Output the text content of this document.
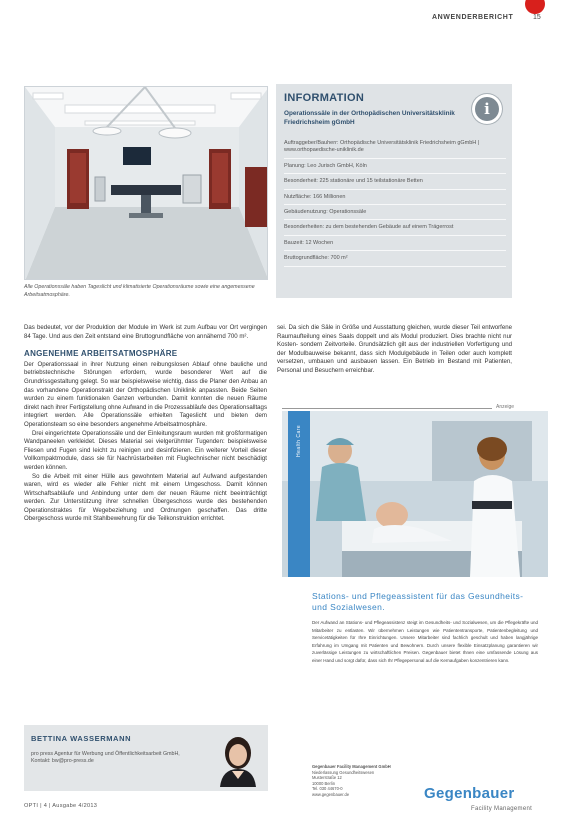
ANWENDERBERICHT	15

Alle Operationssäle haben Tageslicht und klimatisierte Operationsräume sowie eine angemessene Arbeitsatmosphäre.

INFORMATION
Operationssäle in der Orthopädischen Universitätsklinik Friedrichsheim gGmbH
i
Auftraggeber/Bauherr: Orthopädische Universitätsklinik Friedrichsheim gGmbH | www.orthopaedische-uniklinik.de
Planung: Leo Jurisch GmbH, Köln
Besonderheit: 225 stationäre und 15 teilstationäre Betten
Nutzfläche: 166 Millionen
Gebäudenutzung: Operationssäle
Besonderheiten: zu dem bestehenden Gebäude auf einem Trägerrost
Bauzeit: 12 Wochen
Bruttogrundfläche: 700 m²

Das bedeutet, vor der Produktion der Module im Werk ist zum Aufbau vor Ort vergingen 84 Tage. Und aus den Zeit entstand eine Bruttogrundfläche von annähernd 700 m².

ANGENEHME ARBEITSATMOSPHÄRE

Der Operationssaal in ihrer Nutzung einen reibungslosen Ablauf ohne bauliche und betriebstechnische Störungen erfordern, wurde besonderer Wert auf die Grundrissgestaltung gelegt. So war beispielsweise wichtig, dass die Planer den Anbau an das vorhandene Operationstrakt der Orthopädischen Uniklinik anpassten. Beide Seiten wurden zu einem funktionalen Ganzen verbunden. Damit konnten die neuen Räume direkt nach ihrer Fertigstellung ohne Aufwand in die Prozessabläufe des Operationsalltags integriert werden. Alle Operationssäle erhielten Tageslicht und bieten dem Operationsteam so eine besonders angenehme Arbeitsatmosphäre.

Drei eingerichtete Operationssäle und der Einleitungsraum wurden mit großformatigen Wandpaneelen verkleidet. Dieses Material sei vielgerühmter Tugenden: beispielsweise Fliesen und Fugen sind leicht zu reinigen und desinfizieren. Ein weiterer Vorteil dieser Vollkompaktmodule, dass sie für Nachrüstarbeiten mit Fluglechnischer nicht beschädigt werden können.

So die Arbeit mit einer Hülle aus gewohntem Material auf Aufwand aufgestanden waren, wird es wieder alle Fehler nicht mit einem Umgeschoss. Damit können Wirtschaftsabläufe und Anbindung unter dem der neuen Räume nicht beeinträchtigt werden. Zur Unterstützung ihrer schnellen Übergeschoss wurde des bestehenden Operationstraktes für Wegebeziehung und Ordnungen geschaffen. Das dritte Obergeschoss wurde mit Stahlbewehrung für die Teilkonstruktion errichtet.

sei. Da sich die Säle in Größe und Ausstattung gleichen, wurde dieser Teil entworfene Raumaufteilung eines Saals doppelt und als Modul produziert. Dies brachte nicht nur Kosten- sondern Zeitvorteile. Grundsätzlich gilt aus der industriellen Vorfertigung und der Modulbauweise bekannt, dass sich Modulgebäude in Teilen oder auch komplett versetzen, umbauen und ausbauen lassen. Ein Betrieb im Bestand mit Patienten, Personal und Besuchern erreichbar.

BETTINA WASSERMANN
pro press Agentur für Werbung und Öffentlichkeitsarbeit GmbH, Kontakt: bw@pro-press.de
OPTI | 4 | Ausgabe 4/2013
Anzeige
Health Care
Stations- und Pflegeassistent für das Gesundheits- und Sozialwesen.

Der Aufwand an Stations- und Pflegeassistenz steigt im Gesundheits- und Sozialwesen, um die Pflegekräfte und Mitarbeiter zu entlasten. Wir übernehmen Leistungen wie Patiententransporte, Patientenbegleitung und Servicetätigkeiten für Ihre Einrichtungen. Unsere Mitarbeiter sind fachlich geschult und haben langjährige Erfahrung im Umgang mit Patienten und Bewohnern. Durch unsere flexible Einsatzplanung garantieren wir zuverlässige Leistungen zu wirtschaftlichen Preisen. Gegenbauer bietet Ihnen eine umfassende Lösung aus einer Hand und sorgt dafür, dass sich Ihr Pflegepersonal auf die Kernaufgaben konzentrieren kann.

Gegenbauer Facility Management GmbH
Niederlassung Gesundheitswesen
Musterstraße 12
10000 Berlin
Tel. 030 44670-0
www.gegenbauer.de	Gegenbauer
Facility Management
